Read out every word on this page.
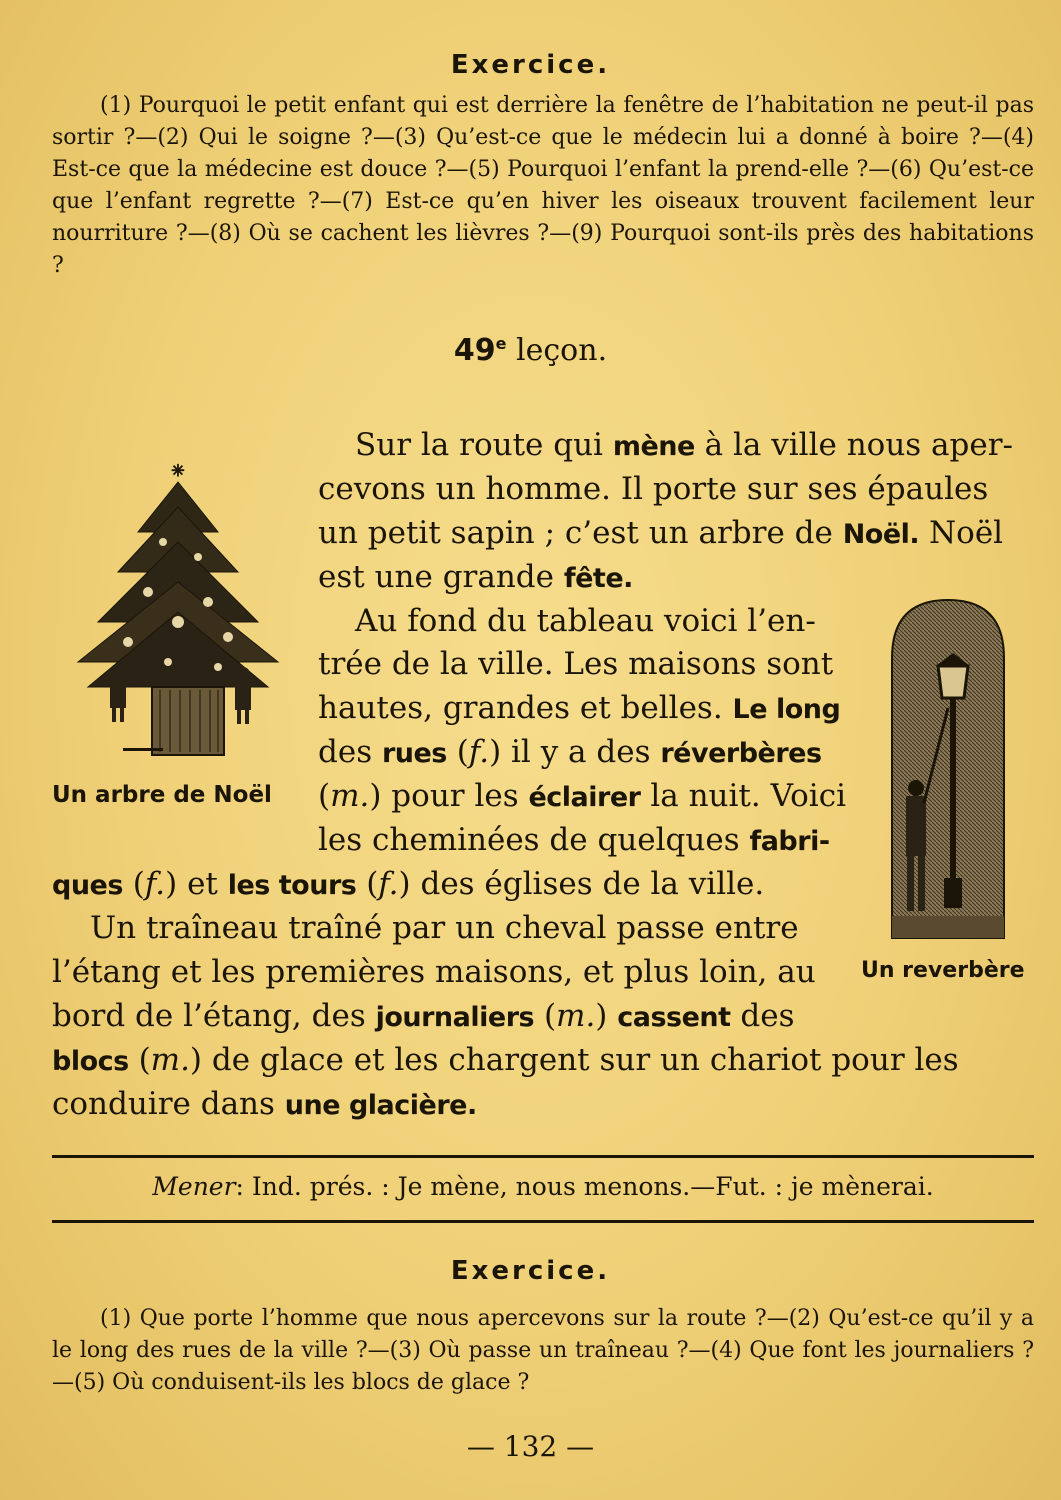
Exercice.
(1) Pourquoi le petit enfant qui est derrière la fenêtre de l’habitation ne peut-il pas sortir ?—(2) Qui le soigne ?—(3) Qu’est-ce que le médecin lui a donné à boire ?—(4) Est-ce que la médecine est douce ?—(5) Pourquoi l’enfant la prend-elle ?—(6) Qu’est-ce que l’enfant regrette ?—(7) Est-ce qu’en hiver les oiseaux trouvent facilement leur nourriture ?—(8) Où se cachent les lièvres ?—(9) Pourquoi sont-ils près des habitations ?
49e leçon.
✳
Un arbre de Noël
Un reverbère
Sur la route qui mène à la ville nous aper-
cevons un homme. Il porte sur ses épaules
un petit sapin ; c’est un arbre de Noël. Noël
est une grande fête.
Au fond du tableau voici l’en-
trée de la ville. Les maisons sont
hautes, grandes et belles. Le long
des rues (f.) il y a des réverbères
(m.) pour les éclairer la nuit. Voici
les cheminées de quelques fabri-
ques (f.) et les tours (f.) des églises de la ville.
Un traîneau traîné par un cheval passe entre
l’étang et les premières maisons, et plus loin, au
bord de l’étang, des journaliers (m.) cassent des
blocs (m.) de glace et les chargent sur un chariot pour les
conduire dans une glacière.
Mener: Ind. prés. : Je mène, nous menons.—Fut. : je mènerai.
Exercice.
(1) Que porte l’homme que nous apercevons sur la route ?—(2) Qu’est-ce qu’il y a le long des rues de la ville ?—(3) Où passe un traîneau ?—(4) Que font les journaliers ?—(5) Où conduisent-ils les blocs de glace ?
— 132 —
